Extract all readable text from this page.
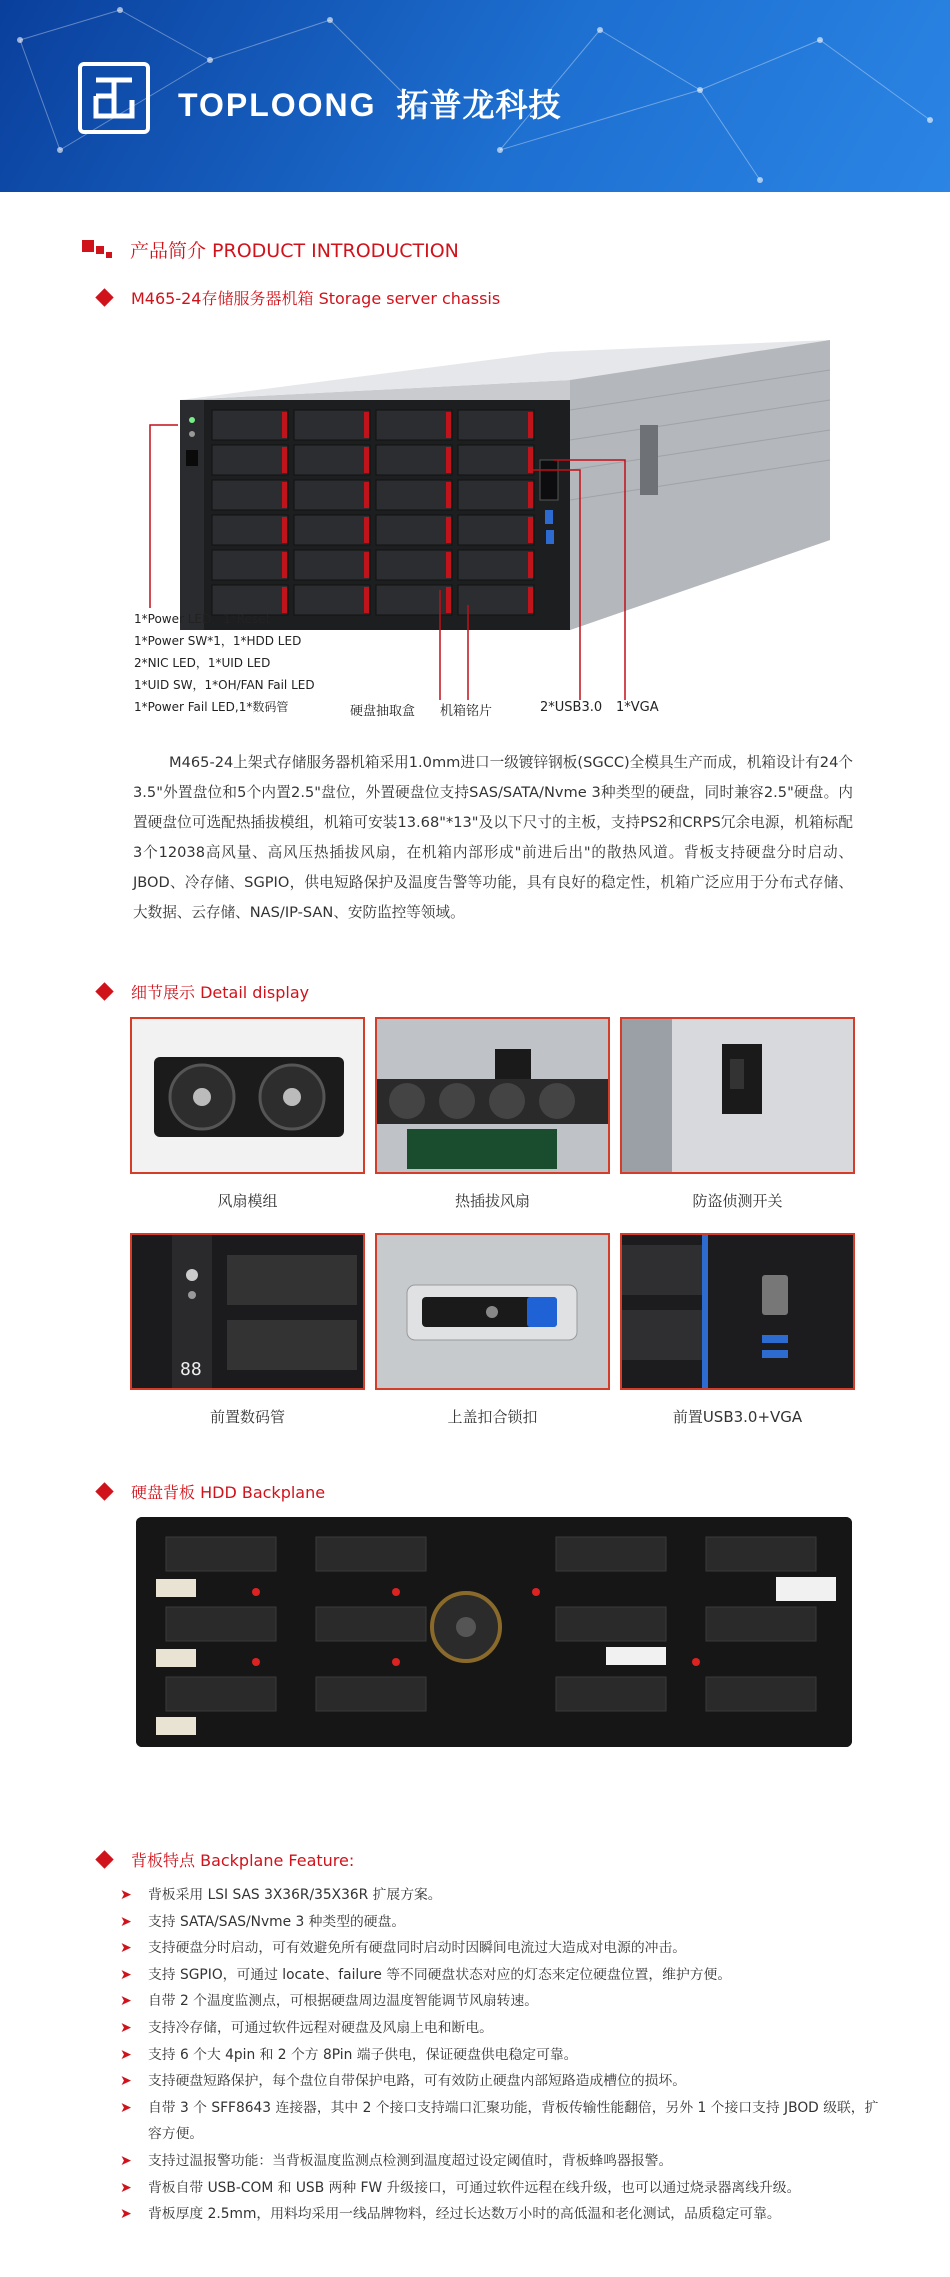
TOPLOONG 拓普龙科技
产品简介 PRODUCT INTRODUCTION
M465-24存储服务器机箱 Storage server chassis
1*Power LED，1*Reset
1*Power SW*1，1*HDD LED
2*NIC LED，1*UID LED
1*UID SW，1*OH/FAN Fail LED
1*Power Fail LED,1*数码管	硬盘抽取盒 机箱铭片	2*USB3.0 1*VGA

M465-24上架式存储服务器机箱采用1.0mm进口一级镀锌钢板(SGCC)全模具生产而成，机箱设计有24个3.5"外置盘位和5个内置2.5"盘位，外置硬盘位支持SAS/SATA/Nvme 3种类型的硬盘，同时兼容2.5"硬盘。内置硬盘位可选配热插拔模组，机箱可安装13.68"*13"及以下尺寸的主板，支持PS2和CRPS冗余电源，机箱标配3个12038高风量、高风压热插拔风扇，在机箱内部形成"前进后出"的散热风道。背板支持硬盘分时启动、JBOD、冷存储、SGPIO，供电短路保护及温度告警等功能，具有良好的稳定性，机箱广泛应用于分布式存储、大数据、云存储、NAS/IP-SAN、安防监控等领域。

细节展示 Detail display
风扇模组	热插拔风扇	防盗侦测开关
88
前置数码管	上盖扣合锁扣	前置USB3.0+VGA
硬盘背板 HDD Backplane
背板特点 Backplane Feature:
➤ 背板采用 LSI SAS 3X36R/35X36R 扩展方案。
➤ 支持 SATA/SAS/Nvme 3 种类型的硬盘。
➤ 支持硬盘分时启动，可有效避免所有硬盘同时启动时因瞬间电流过大造成对电源的冲击。
➤ 支持 SGPIO，可通过 locate、failure 等不同硬盘状态对应的灯态来定位硬盘位置，维护方便。
➤ 自带 2 个温度监测点，可根据硬盘周边温度智能调节风扇转速。
➤ 支持冷存储，可通过软件远程对硬盘及风扇上电和断电。
➤ 支持 6 个大 4pin 和 2 个方 8Pin 端子供电，保证硬盘供电稳定可靠。
➤ 支持硬盘短路保护，每个盘位自带保护电路，可有效防止硬盘内部短路造成槽位的损坏。
➤ 自带 3 个 SFF8643 连接器，其中 2 个接口支持端口汇聚功能，背板传输性能翻倍，另外 1 个接口支持 JBOD 级联，扩容方便。
➤ 支持过温报警功能：当背板温度监测点检测到温度超过设定阈值时，背板蜂鸣器报警。
➤ 背板自带 USB-COM 和 USB 两种 FW 升级接口，可通过软件远程在线升级，也可以通过烧录器离线升级。
➤ 背板厚度 2.5mm，用料均采用一线品牌物料，经过长达数万小时的高低温和老化测试，品质稳定可靠。
